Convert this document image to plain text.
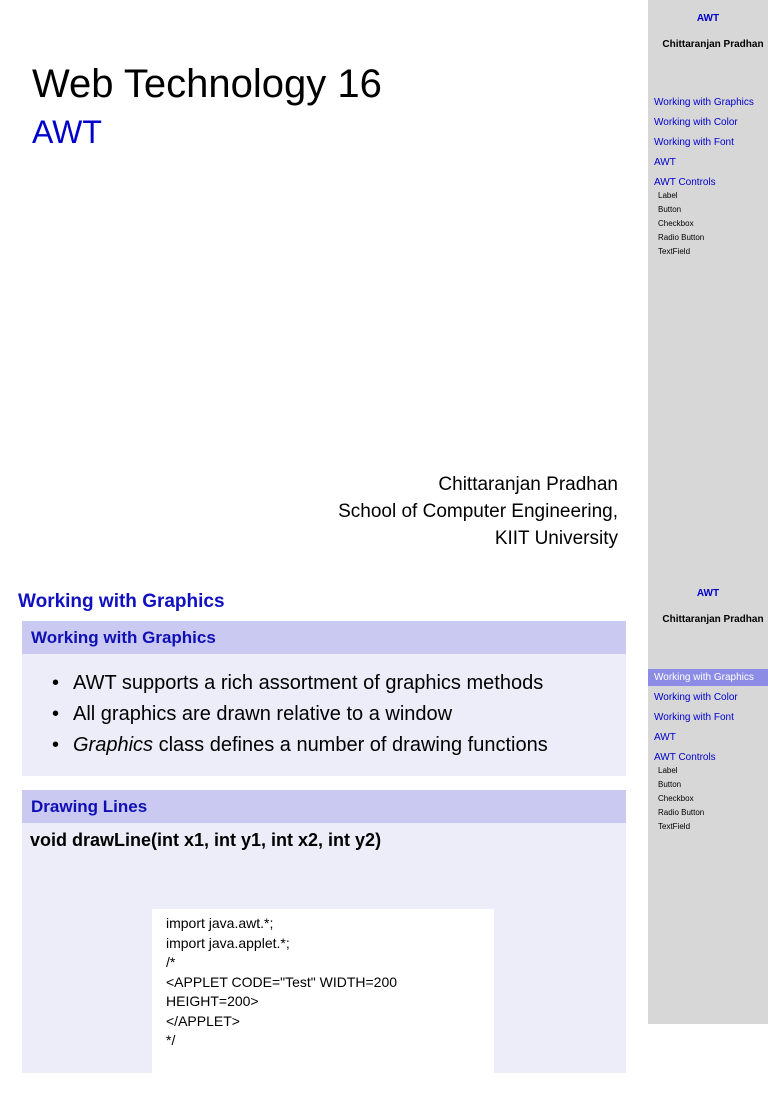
Web Technology 16
AWT
Chittaranjan Pradhan
School of Computer Engineering,
KIIT University
AWT
Chittaranjan Pradhan
Working with Graphics
Working with Color
Working with Font
AWT
AWT Controls
Label
Button
Checkbox
Radio Button
TextField
Working with Graphics
Working with Graphics
• AWT supports a rich assortment of graphics methods
• All graphics are drawn relative to a window
• Graphics class defines a number of drawing functions
Drawing Lines
void drawLine(int x1, int y1, int x2, int y2)
import java.awt.*;
import java.applet.*;
/*
<APPLET CODE="Test" WIDTH=200
HEIGHT=200>
</APPLET>
*/
AWT
Chittaranjan Pradhan
Working with Graphics
Working with Color
Working with Font
AWT
AWT Controls
Label
Button
Checkbox
Radio Button
TextField
